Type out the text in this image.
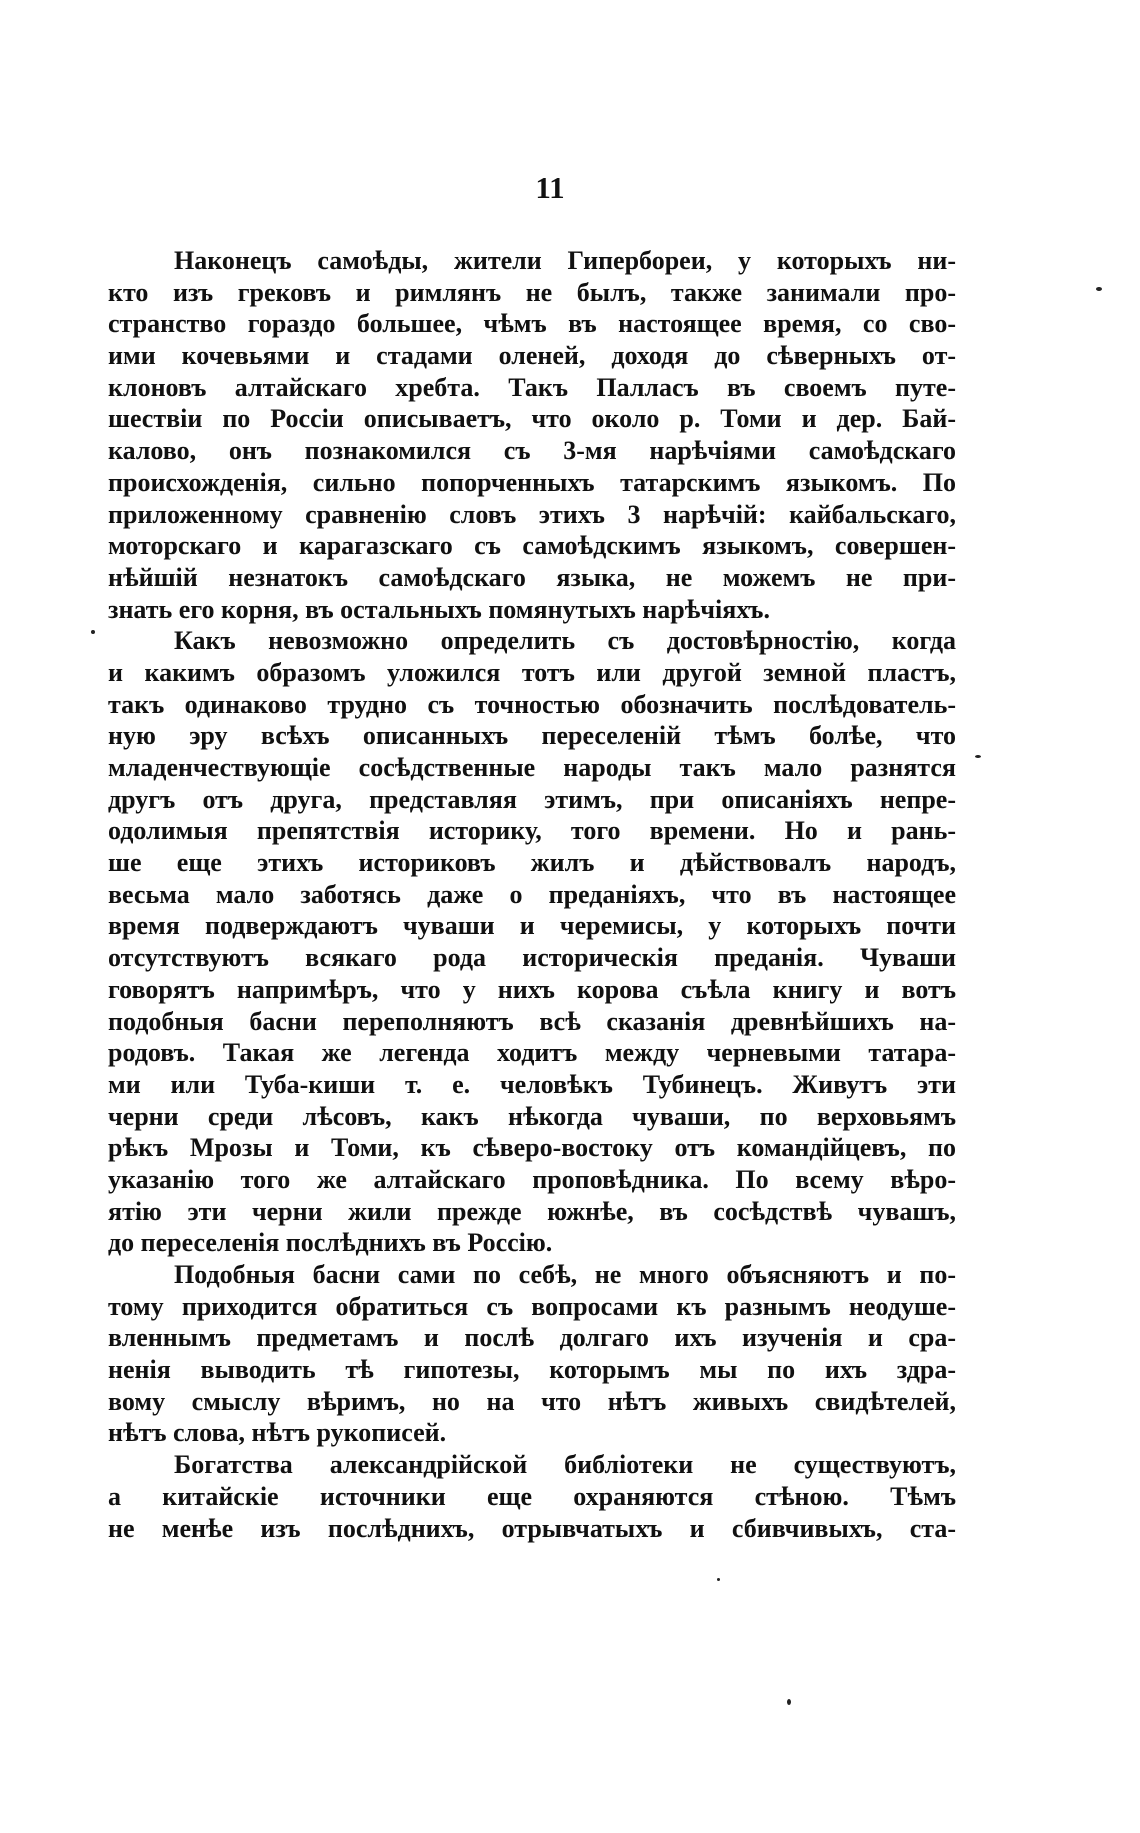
11
Наконецъ самоѣды, жители Гипербореи, у которыхъ ни-
кто изъ грековъ и римлянъ не былъ, также занимали про-
странство гораздо большее, чѣмъ въ настоящее время, со сво-
ими кочевьями и стадами оленей, доходя до сѣверныхъ от-
клоновъ алтайскаго хребта. Такъ Палласъ въ своемъ путе-
шествіи по Россіи описываетъ, что около р. Томи и дер. Бай-
калово, онъ познакомился съ 3-мя нарѣчіями самоѣдскаго
происхожденія, сильно попорченныхъ татарскимъ языкомъ. По
приложенному сравненію словъ этихъ 3 нарѣчій: кайбальскаго,
моторскаго и карагазскаго съ самоѣдскимъ языкомъ, совершен-
нѣйшій незнатокъ самоѣдскаго языка, не можемъ не при-
знать его корня, въ остальныхъ помянутыхъ нарѣчіяхъ.
Какъ невозможно определить съ достовѣрностію, когда
и какимъ образомъ уложился тотъ или другой земной пластъ,
такъ одинаково трудно съ точностью обозначить послѣдователь-
ную эру всѣхъ описанныхъ переселеній тѣмъ болѣе, что
младенчествующіе сосѣдственные народы такъ мало разнятся
другъ отъ друга, представляя этимъ, при описаніяхъ непре-
одолимыя препятствія историку, того времени. Но и рань-
ше еще этихъ историковъ жилъ и дѣйствовалъ народъ,
весьма мало заботясь даже о преданіяхъ, что въ настоящее
время подверждаютъ чуваши и черемисы, у которыхъ почти
отсутствуютъ всякаго рода историческія преданія. Чуваши
говорятъ напримѣръ, что у нихъ корова съѣла книгу и вотъ
подобныя басни переполняютъ всѣ сказанія древнѣйшихъ на-
родовъ. Такая же легенда ходитъ между черневыми татара-
ми или Туба-киши т. е. человѣкъ Тубинецъ. Живутъ эти
черни среди лѣсовъ, какъ нѣкогда чуваши, по верховьямъ
рѣкъ Мрозы и Томи, къ сѣверо-востоку отъ командійцевъ, по
указанію того же алтайскаго проповѣдника. По всему вѣро-
ятію эти черни жили прежде южнѣе, въ сосѣдствѣ чувашъ,
до переселенія послѣднихъ въ Россію.
Подобныя басни сами по себѣ, не много объясняютъ и по-
тому приходится обратиться съ вопросами къ разнымъ неодуше-
вленнымъ предметамъ и послѣ долгаго ихъ изученія и сра-
ненія выводить тѣ гипотезы, которымъ мы по ихъ здра-
вому смыслу вѣримъ, но на что нѣтъ живыхъ свидѣтелей,
нѣтъ слова, нѣтъ рукописей.
Богатства александрійской библіотеки не существуютъ,
а китайскіе источники еще охраняются стѣною. Тѣмъ
не менѣе изъ послѣднихъ, отрывчатыхъ и сбивчивыхъ, ста-
